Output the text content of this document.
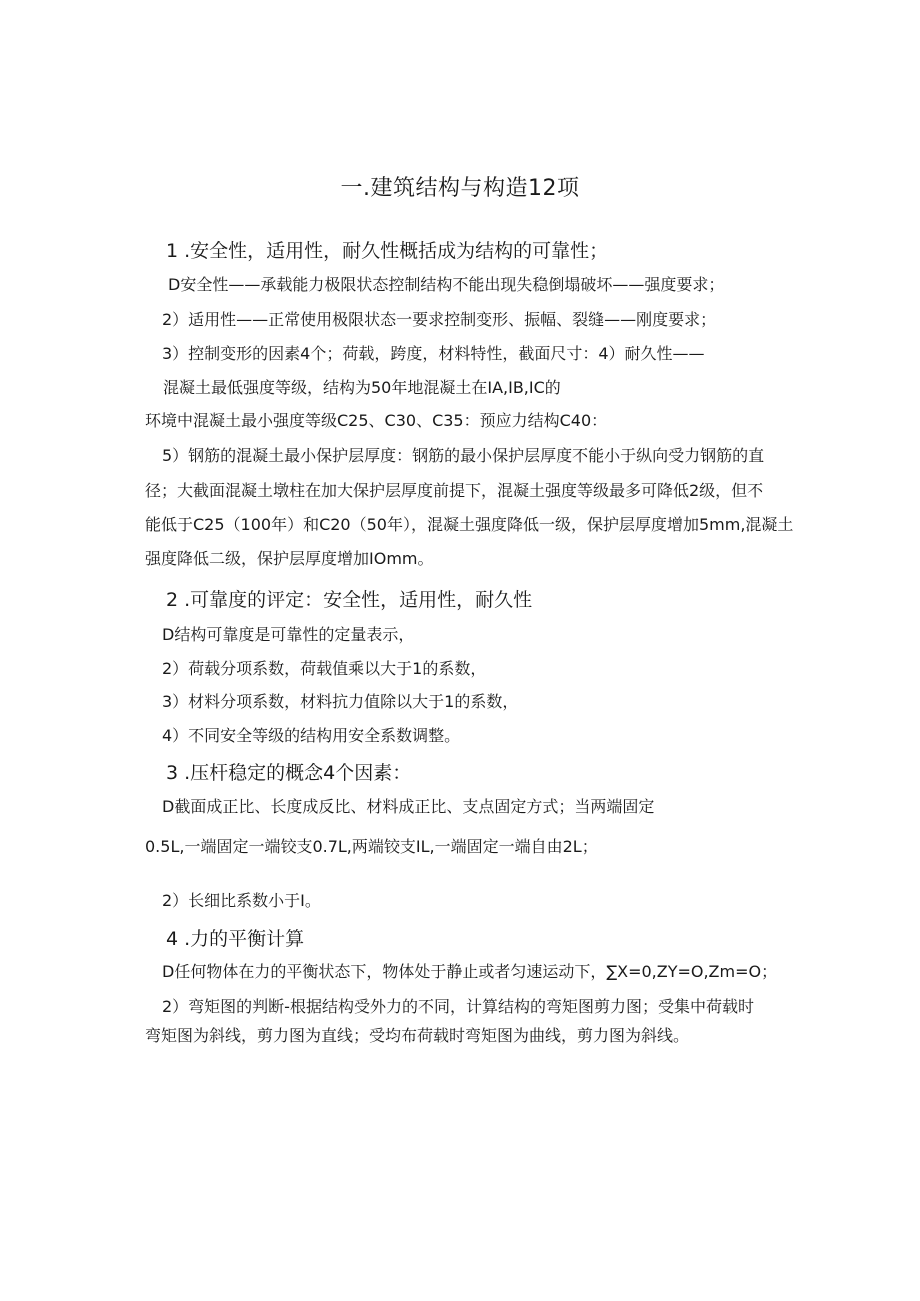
一.建筑结构与构造12项
1 .安全性，适用性，耐久性概括成为结构的可靠性；
D安全性——承载能力极限状态控制结构不能出现失稳倒塌破坏——强度要求；
2）适用性——正常使用极限状态一要求控制变形、振幅、裂缝——刚度要求；
3）控制变形的因素4个；荷载，跨度，材料特性，截面尺寸：4）耐久性——
混凝土最低强度等级，结构为50年地混凝土在IA,IB,IC的
环境中混凝土最小强度等级C25、C30、C35：预应力结构C40：
5）钢筋的混凝土最小保护层厚度：钢筋的最小保护层厚度不能小于纵向受力钢筋的直
径；大截面混凝土墩柱在加大保护层厚度前提下，混凝土强度等级最多可降低2级，但不
能低于C25（100年）和C20（50年），混凝土强度降低一级，保护层厚度增加5mm,混凝土
强度降低二级，保护层厚度增加IOmm。
2 .可靠度的评定：安全性，适用性，耐久性
D结构可靠度是可靠性的定量表示，
2）荷载分项系数，荷载值乘以大于1的系数，
3）材料分项系数，材料抗力值除以大于1的系数，
4）不同安全等级的结构用安全系数调整。
3 .压杆稳定的概念4个因素：
D截面成正比、长度成反比、材料成正比、支点固定方式；当两端固定
0.5L,一端固定一端铰支0.7L,两端铰支IL,一端固定一端自由2L；
2）长细比系数小于I。
4 .力的平衡计算
D任何物体在力的平衡状态下，物体处于静止或者匀速运动下，∑X=0,ZY=O,Zm=O；
2）弯矩图的判断-根据结构受外力的不同，计算结构的弯矩图剪力图；受集中荷载时
弯矩图为斜线，剪力图为直线；受均布荷载时弯矩图为曲线，剪力图为斜线。
